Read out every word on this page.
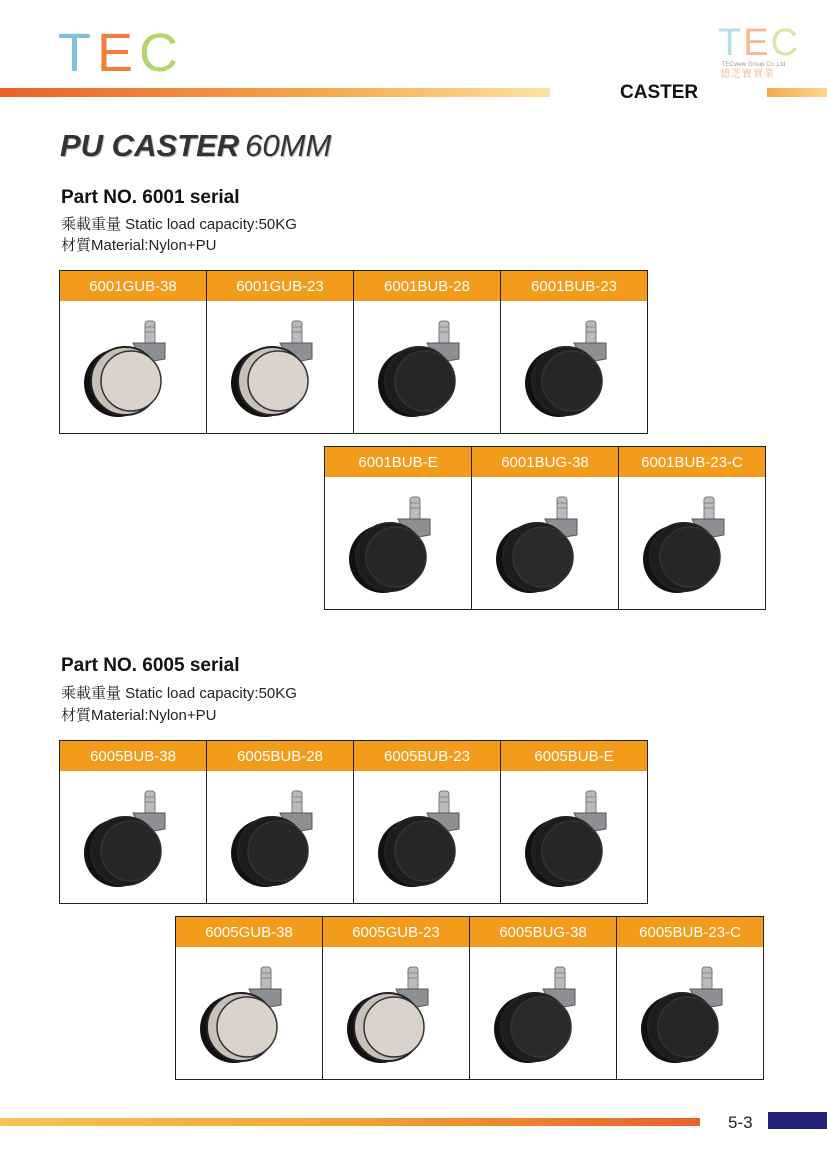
TEC	TEC
TECview Group Co.,Ltd
德芝寶實業
CASTER
PU CASTER 60MM
Part NO. 6001 serial
乘載重量 Static load capacity:50KG
材質Material:Nylon+PU
6001GUB-38	6001GUB-23	6001BUB-28	6001BUB-23
6001BUB-E	6001BUG-38	6001BUB-23-C
Part NO. 6005 serial
乘載重量 Static load capacity:50KG
材質Material:Nylon+PU
6005BUB-38	6005BUB-28	6005BUB-23	6005BUB-E
6005GUB-38	6005GUB-23	6005BUG-38	6005BUB-23-C
5-3
